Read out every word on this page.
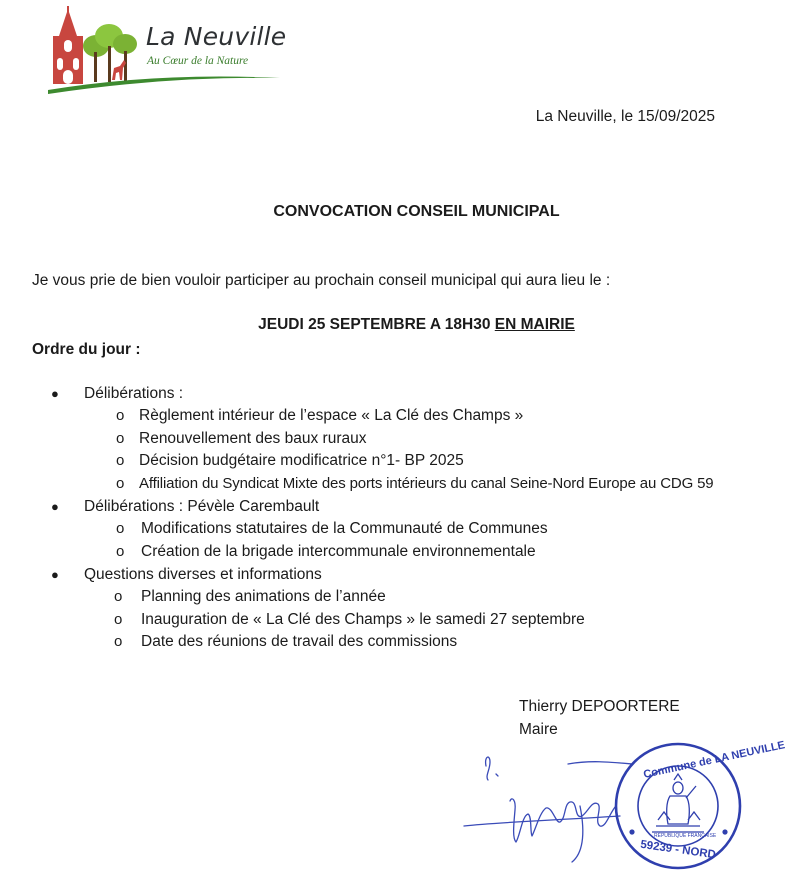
La Neuville
Au Cœur de la Nature
La Neuville, le 15/09/2025
CONVOCATION CONSEIL MUNICIPAL
Je vous prie de bien vouloir participer au prochain conseil municipal qui aura lieu le :
JEUDI 25 SEPTEMBRE A 18H30 EN MAIRIE
Ordre du jour :
● Délibérations :
o Règlement intérieur de l’espace « La Clé des Champs »
o Renouvellement des baux ruraux
o Décision budgétaire modificatrice n°1- BP 2025
o Affiliation du Syndicat Mixte des ports intérieurs du canal Seine-Nord Europe au CDG 59
● Délibérations : Pévèle Carembault
o Modifications statutaires de la Communauté de Communes
o Création de la brigade intercommunale environnementale
● Questions diverses et informations
o Planning des animations de l’année
o Inauguration de « La Clé des Champs » le samedi 27 septembre
o Date des réunions de travail des commissions
Thierry DEPOORTERE
Maire
Commune de LA NEUVILLE
RÉPUBLIQUE FRANÇAISE
59239 - NORD
